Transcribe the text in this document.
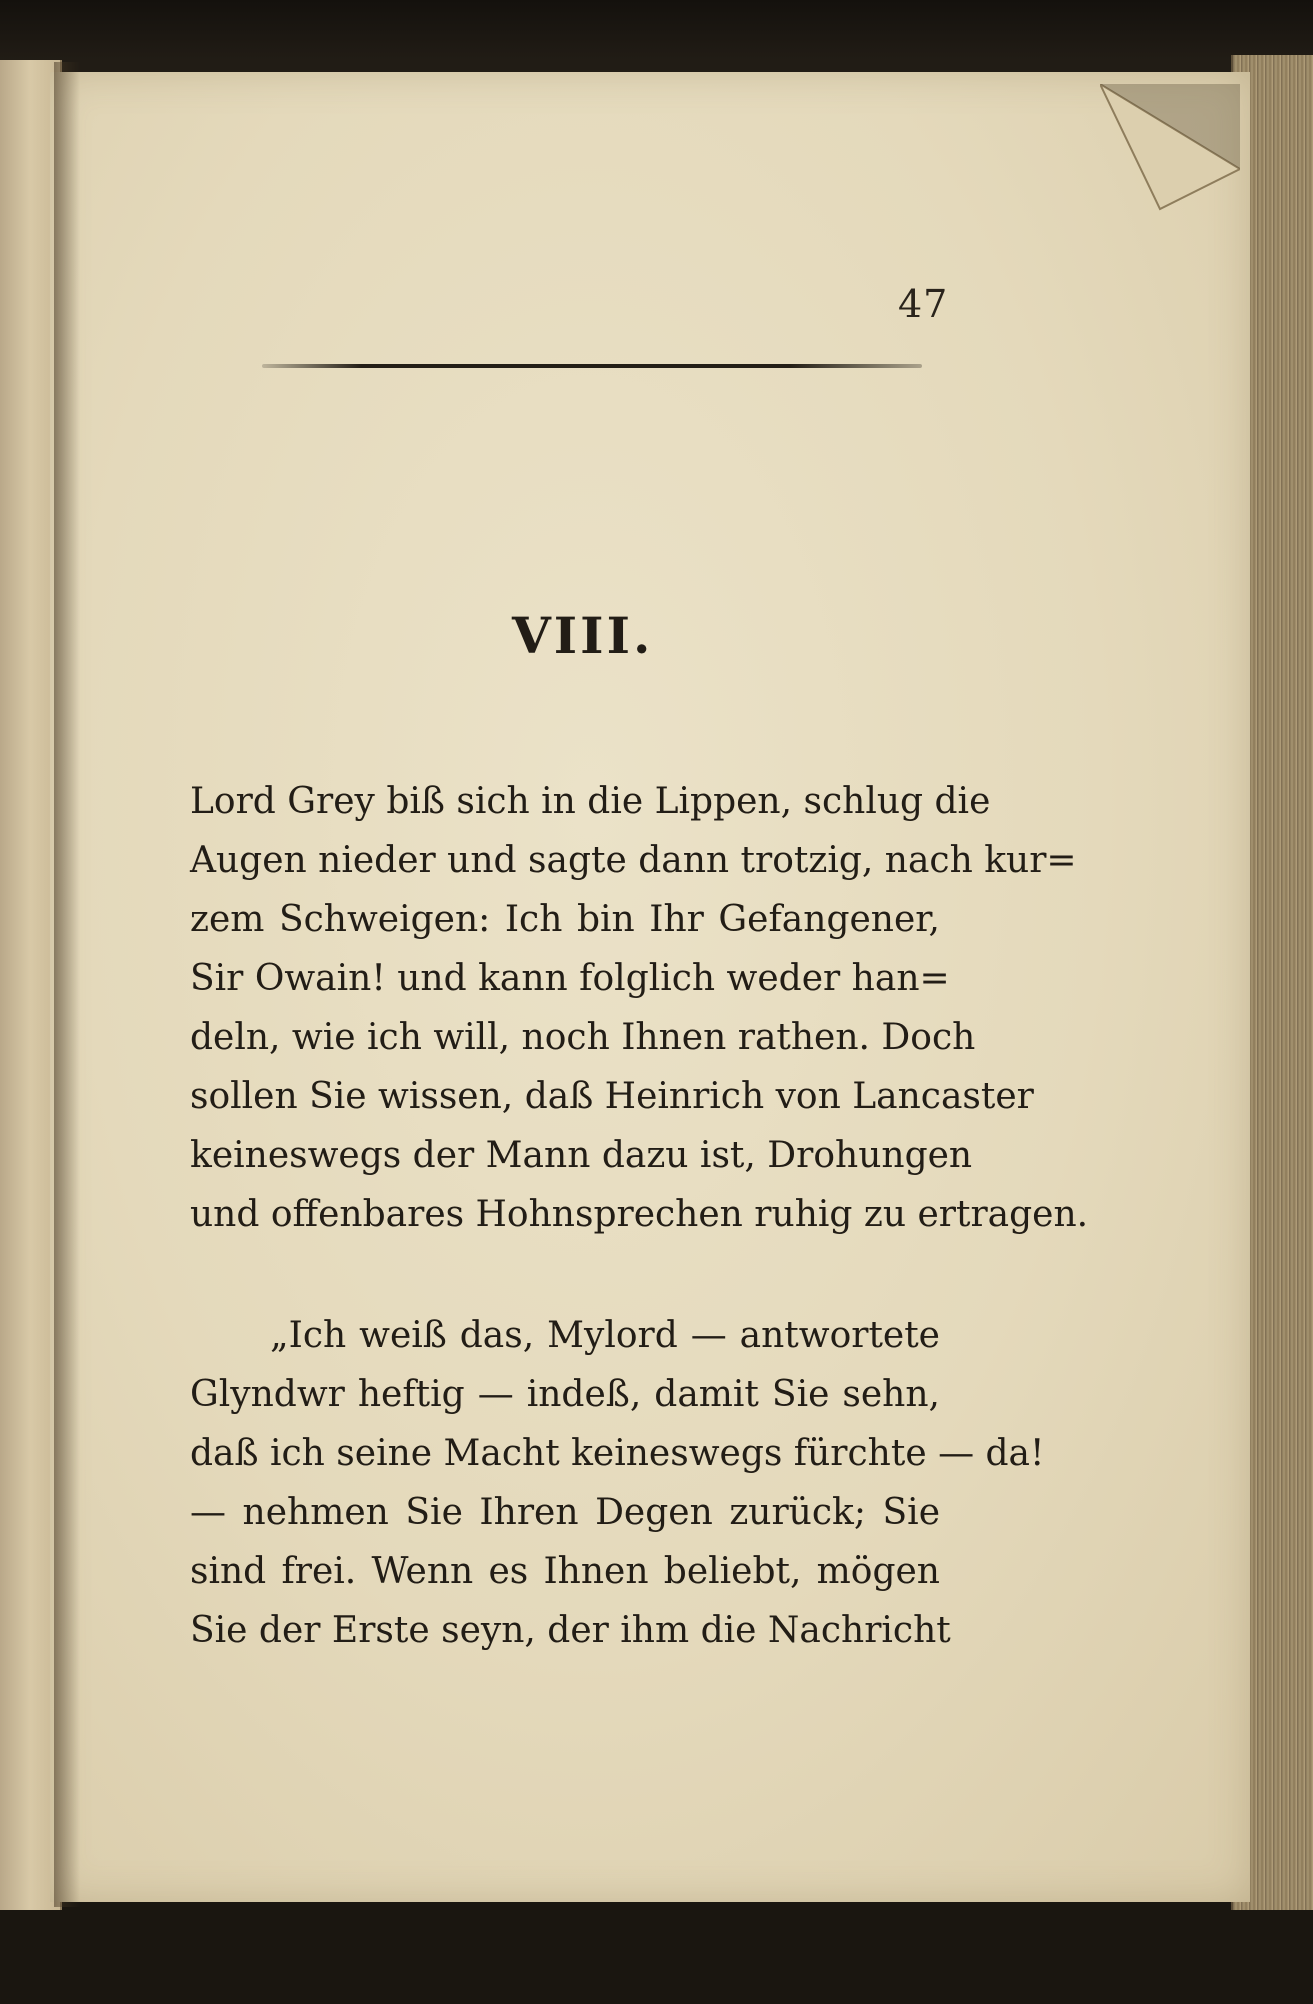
47
VIII.
Lord Grey biß sich in die Lippen, schlug die
Augen nieder und sagte dann trotzig, nach kur=
zem Schweigen: Ich bin Ihr Gefangener,
Sir Owain! und kann folglich weder han=
deln, wie ich will, noch Ihnen rathen. Doch
sollen Sie wissen, daß Heinrich von Lancaster
keineswegs der Mann dazu ist, Drohungen
und offenbares Hohnsprechen ruhig zu ertragen.
„Ich weiß das, Mylord — antwortete
Glyndwr heftig — indeß, damit Sie sehn,
daß ich seine Macht keineswegs fürchte — da!
— nehmen Sie Ihren Degen zurück; Sie
sind frei. Wenn es Ihnen beliebt, mögen
Sie der Erste seyn, der ihm die Nachricht
